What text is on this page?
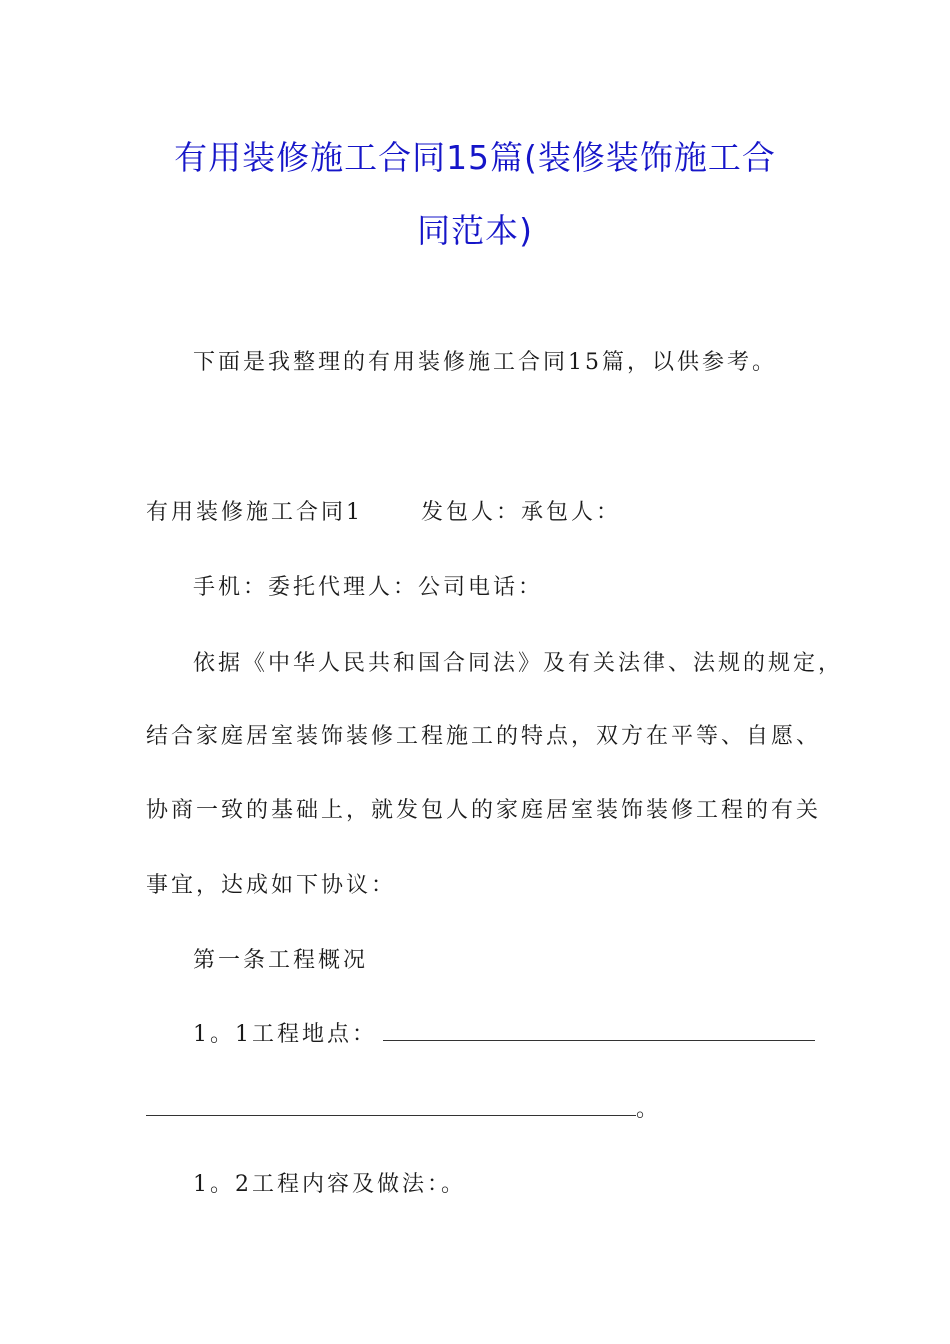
有用装修施工合同15篇(装修装饰施工合
同范本)

下面是我整理的有用装修施工合同15篇，以供参考。

有用装修施工合同1	发包人：承包人：

手机：委托代理人：公司电话：

依据《中华人民共和国合同法》及有关法律、法规的规定，

结合家庭居室装饰装修工程施工的特点，双方在平等、自愿、

协商一致的基础上，就发包人的家庭居室装饰装修工程的有关

事宜，达成如下协议：

第一条工程概况

1。1工程地点：

。

1。2工程内容及做法：。
